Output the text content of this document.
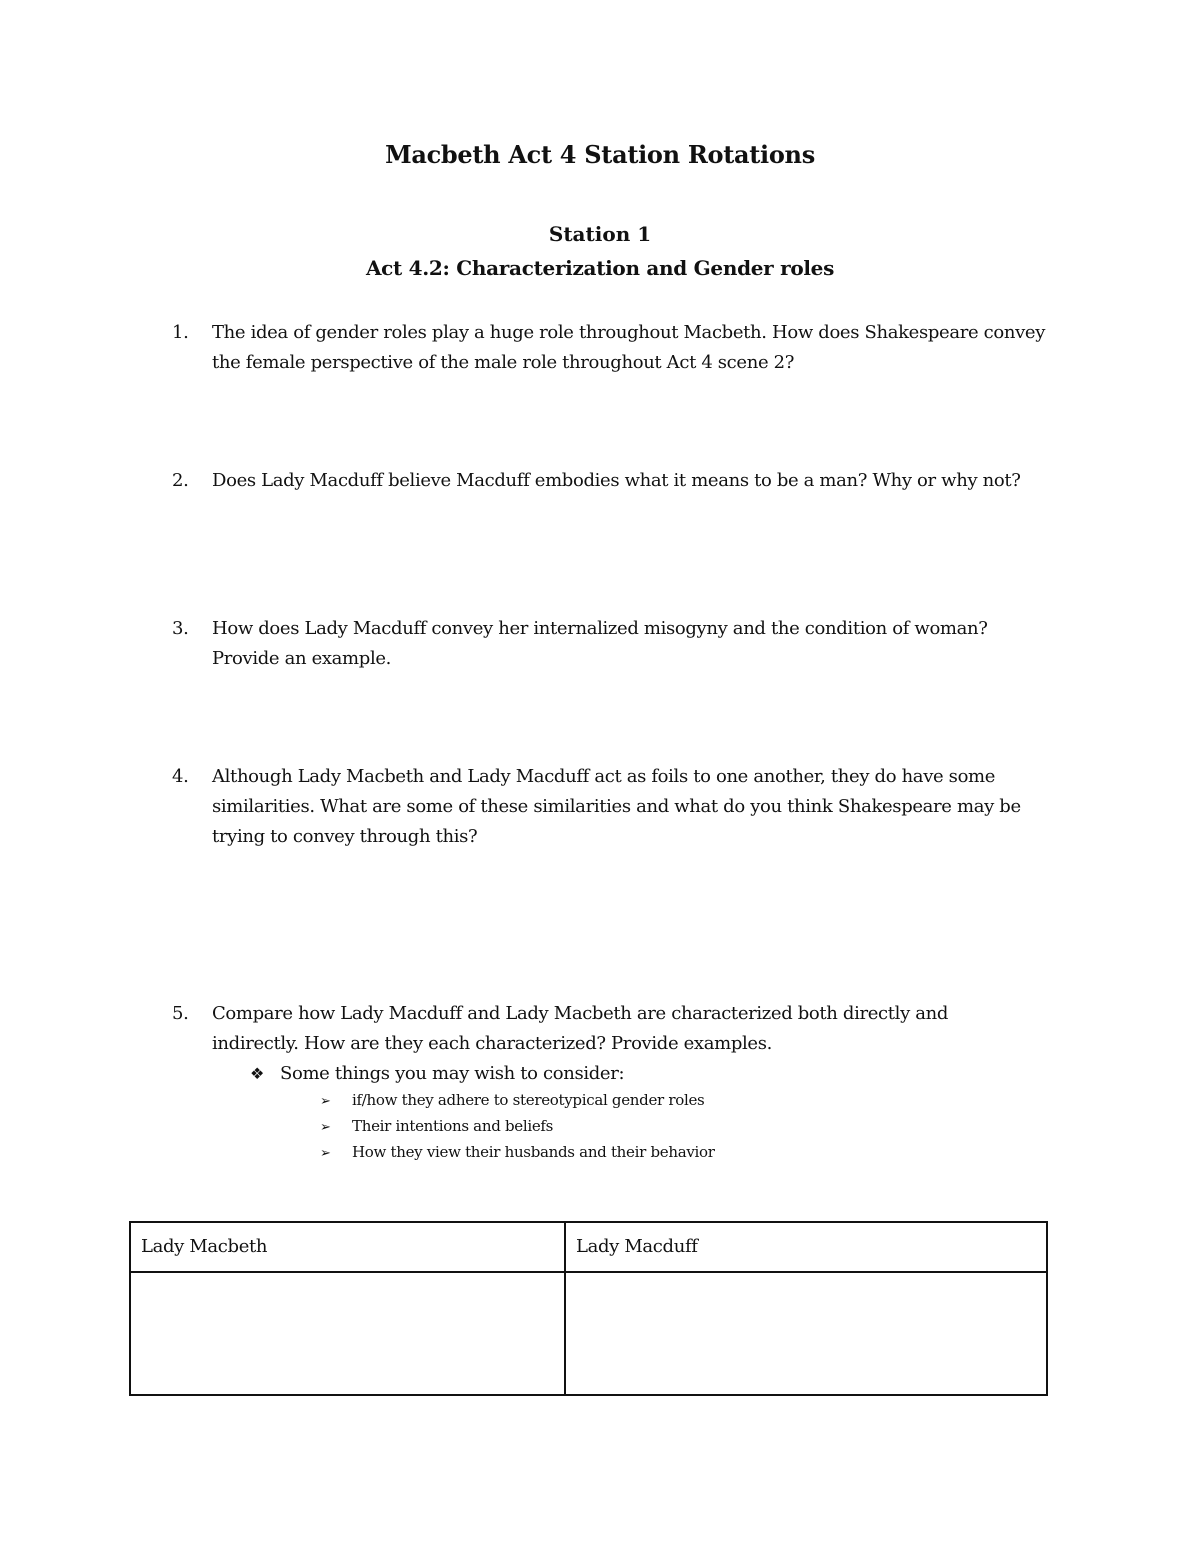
Macbeth Act 4 Station Rotations
Station 1
Act 4.2: Characterization and Gender roles
1.	The idea of gender roles play a huge role throughout Macbeth. How does Shakespeare convey the female perspective of the male role throughout Act 4 scene 2?
2.	Does Lady Macduff believe Macduff embodies what it means to be a man? Why or why not?
3.	How does Lady Macduff convey her internalized misogyny and the condition of woman? Provide an example.
4.	Although Lady Macbeth and Lady Macduff act as foils to one another, they do have some similarities. What are some of these similarities and what do you think Shakespeare may be trying to convey through this?
5.	Compare how Lady Macduff and Lady Macbeth are characterized both directly and indirectly. How are they each characterized? Provide examples.
❖ Some things you may wish to consider:
➢ if/how they adhere to stereotypical gender roles
➢ Their intentions and beliefs
➢ How they view their husbands and their behavior
Lady Macbeth	Lady Macduff
